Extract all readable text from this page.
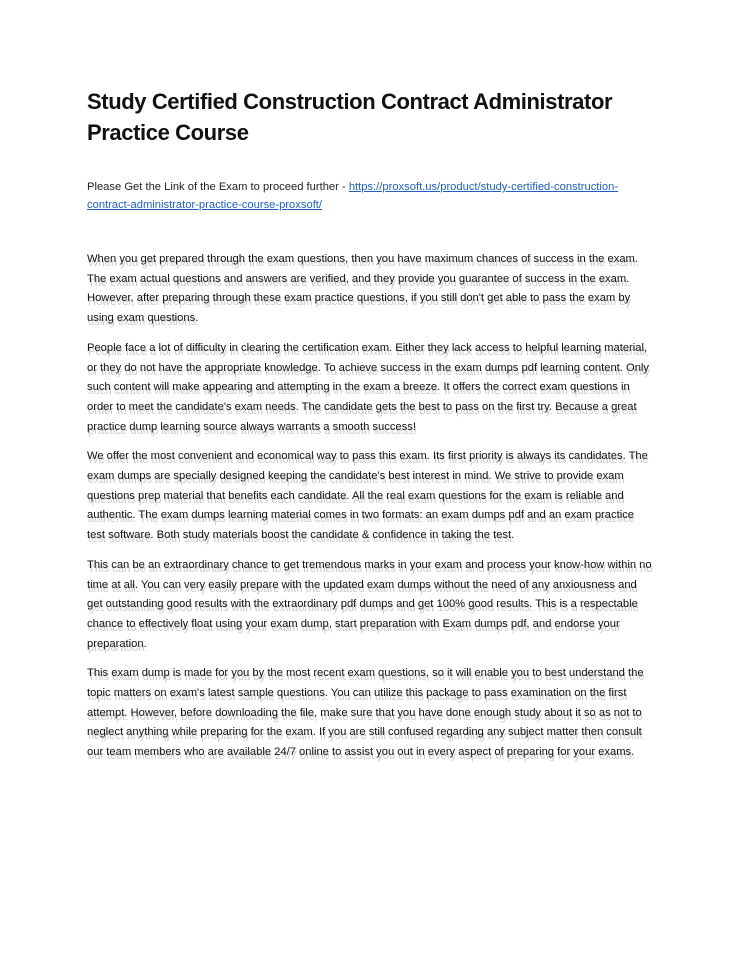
Study Certified Construction Contract Administrator Practice Course

Please Get the Link of the Exam to proceed further - https://proxsoft.us/product/study-certified-construction-contract-administrator-practice-course-proxsoft/

When you get prepared through the exam questions, then you have maximum chances of success in the exam. The exam actual questions and answers are verified, and they provide you guarantee of success in the exam. However, after preparing through these exam practice questions, if you still don't get able to pass the exam by using exam questions.

People face a lot of difficulty in clearing the certification exam. Either they lack access to helpful learning material, or they do not have the appropriate knowledge. To achieve success in the exam dumps pdf learning content. Only such content will make appearing and attempting in the exam a breeze. It offers the correct exam questions in order to meet the candidate's exam needs. The candidate gets the best to pass on the first try. Because a great practice dump learning source always warrants a smooth success!

We offer the most convenient and economical way to pass this exam. Its first priority is always its candidates. The exam dumps are specially designed keeping the candidate's best interest in mind. We strive to provide exam questions prep material that benefits each candidate. All the real exam questions for the exam is reliable and authentic. The exam dumps learning material comes in two formats: an exam dumps pdf and an exam practice test software. Both study materials boost the candidate & confidence in taking the test.

This can be an extraordinary chance to get tremendous marks in your exam and process your know-how within no time at all. You can very easily prepare with the updated exam dumps without the need of any anxiousness and get outstanding good results with the extraordinary pdf dumps and get 100% good results. This is a respectable chance to effectively float using your exam dump, start preparation with Exam dumps pdf, and endorse your preparation.

This exam dump is made for you by the most recent exam questions, so it will enable you to best understand the topic matters on exam's latest sample questions. You can utilize this package to pass examination on the first attempt. However, before downloading the file, make sure that you have done enough study about it so as not to neglect anything while preparing for the exam. If you are still confused regarding any subject matter then consult our team members who are available 24/7 online to assist you out in every aspect of preparing for your exams.
